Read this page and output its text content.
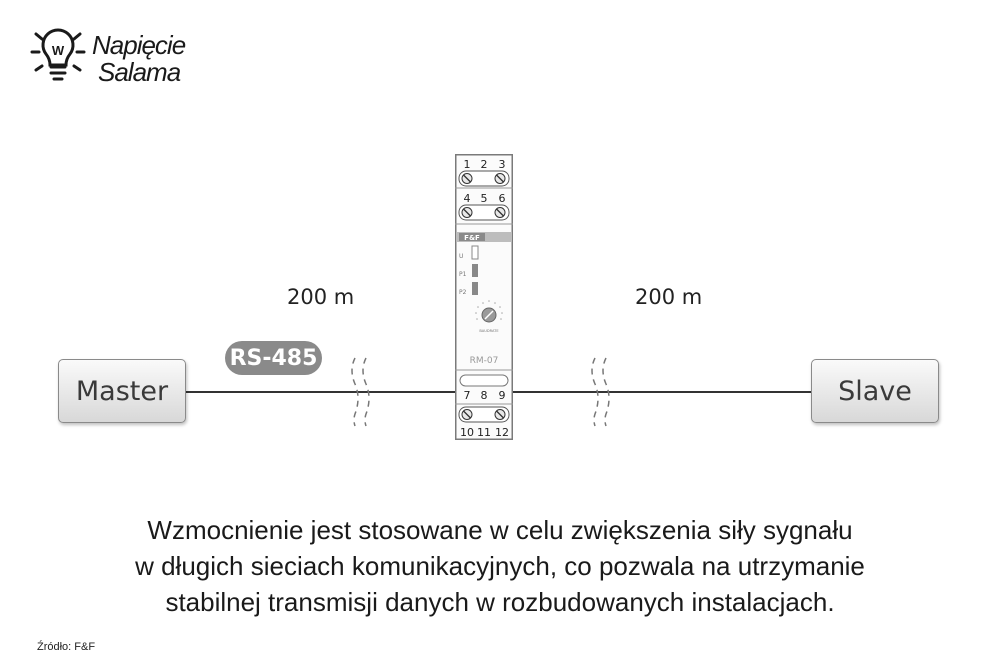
W Napięcie
Salama
Master	Slave
200 m	200 m
RS-485
1 2 3
4 5 6
F&F
U
P1
P2
BAUDRATE
RM-07
7 8 9
10 11 12
Wzmocnienie jest stosowane w celu zwiększenia siły sygnału
w długich sieciach komunikacyjnych, co pozwala na utrzymanie
stabilnej transmisji danych w rozbudowanych instalacjach.
Źródło: F&F
